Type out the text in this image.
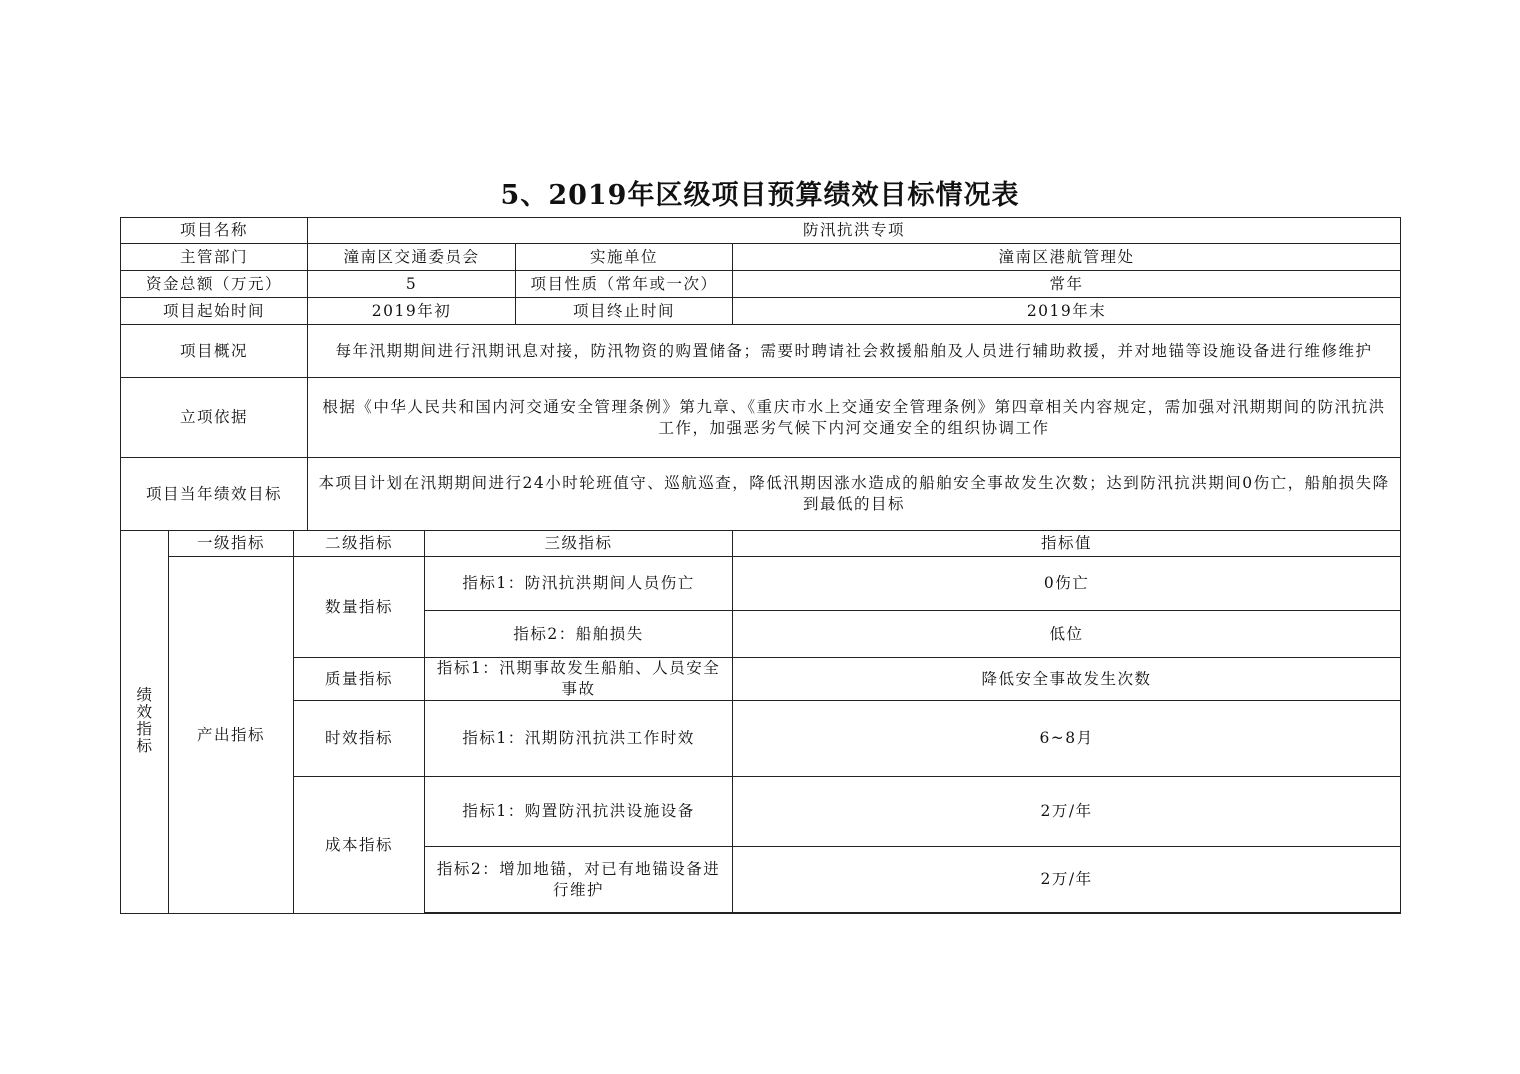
5、2019年区级项目预算绩效目标情况表
项目名称			防汛抗洪专项			
主管部门			潼南区交通委员会		实施单位	潼南区港航管理处
资金总额（万元）			5		项目性质（常年或一次）	常年
项目起始时间			2019年初		项目终止时间	2019年末
项目概况			每年汛期期间进行汛期讯息对接，防汛物资的购置储备；需要时聘请社会救援船舶及人员进行辅助救援，并对地锚等设施设备进行维修维护			
立项依据			根据《中华人民共和国内河交通安全管理条例》第九章、《重庆市水上交通安全管理条例》第四章相关内容规定，需加强对汛期期间的防汛抗洪工作，加强恶劣气候下内河交通安全的组织协调工作			
项目当年绩效目标			本项目计划在汛期期间进行24小时轮班值守、巡航巡查，降低汛期因涨水造成的船舶安全事故发生次数；达到防汛抗洪期间0伤亡，船舶损失降到最低的目标			
绩效指标	一级指标	二级指标		三级指标		指标值
	产出指标	数量指标		指标1：防汛抗洪期间人员伤亡		0伤亡
				指标2：船舶损失		低位
		质量指标		指标1：汛期事故发生船舶、人员安全事故		降低安全事故发生次数
		时效指标		指标1：汛期防汛抗洪工作时效		6~8月
		成本指标		指标1：购置防汛抗洪设施设备		2万/年

				指标2：增加地锚，对已有地锚设备进行维护		2万/年
